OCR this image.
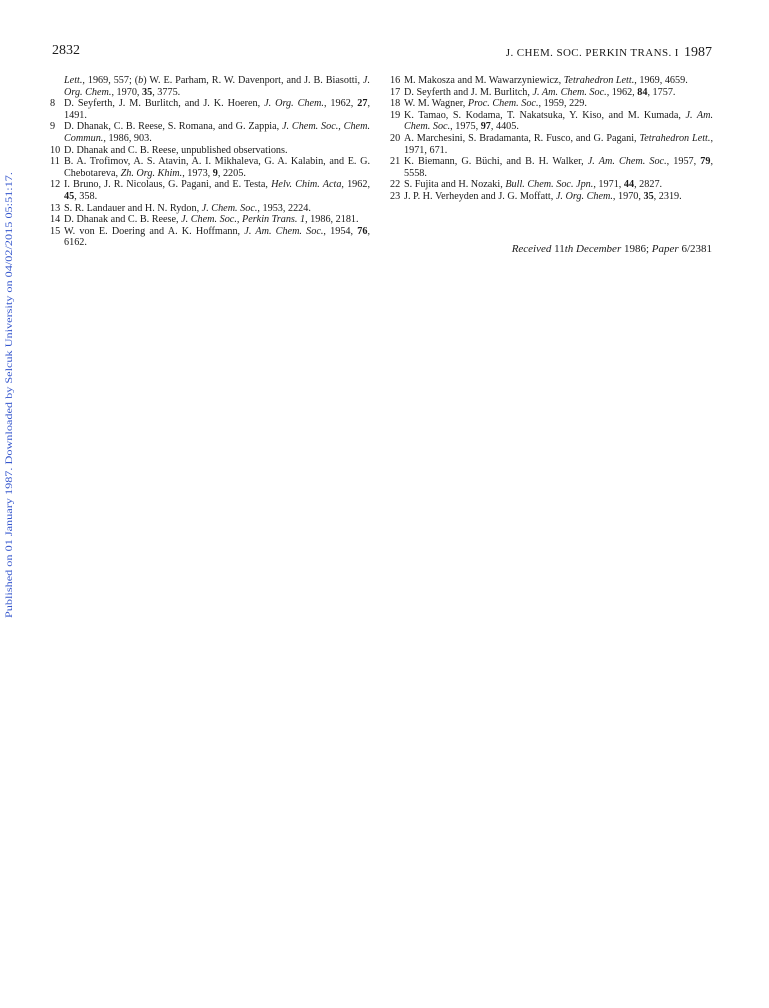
2832	J. CHEM. SOC. PERKIN TRANS. I 1987
Published on 01 January 1987. Downloaded by Selcuk University on 04/02/2015 05:51:17.
Lett., 1969, 557; (b) W. E. Parham, R. W. Davenport, and J. B. Biasotti, J. Org. Chem., 1970, 35, 3775.
8 D. Seyferth, J. M. Burlitch, and J. K. Hoeren, J. Org. Chem., 1962, 27, 1491.
9 D. Dhanak, C. B. Reese, S. Romana, and G. Zappia, J. Chem. Soc., Chem. Commun., 1986, 903.
10 D. Dhanak and C. B. Reese, unpublished observations.
11 B. A. Trofimov, A. S. Atavin, A. I. Mikhaleva, G. A. Kalabin, and E. G. Chebotareva, Zh. Org. Khim., 1973, 9, 2205.
12 I. Bruno, J. R. Nicolaus, G. Pagani, and E. Testa, Helv. Chim. Acta, 1962, 45, 358.
13 S. R. Landauer and H. N. Rydon, J. Chem. Soc., 1953, 2224.
14 D. Dhanak and C. B. Reese, J. Chem. Soc., Perkin Trans. 1, 1986, 2181.
15 W. von E. Doering and A. K. Hoffmann, J. Am. Chem. Soc., 1954, 76, 6162.
16 M. Makosza and M. Wawarzyniewicz, Tetrahedron Lett., 1969, 4659.
17 D. Seyferth and J. M. Burlitch, J. Am. Chem. Soc., 1962, 84, 1757.
18 W. M. Wagner, Proc. Chem. Soc., 1959, 229.
19 K. Tamao, S. Kodama, T. Nakatsuka, Y. Kiso, and M. Kumada, J. Am. Chem. Soc., 1975, 97, 4405.
20 A. Marchesini, S. Bradamanta, R. Fusco, and G. Pagani, Tetrahedron Lett., 1971, 671.
21 K. Biemann, G. Büchi, and B. H. Walker, J. Am. Chem. Soc., 1957, 79, 5558.
22 S. Fujita and H. Nozaki, Bull. Chem. Soc. Jpn., 1971, 44, 2827.
23 J. P. H. Verheyden and J. G. Moffatt, J. Org. Chem., 1970, 35, 2319.
Received 11th December 1986; Paper 6/2381
